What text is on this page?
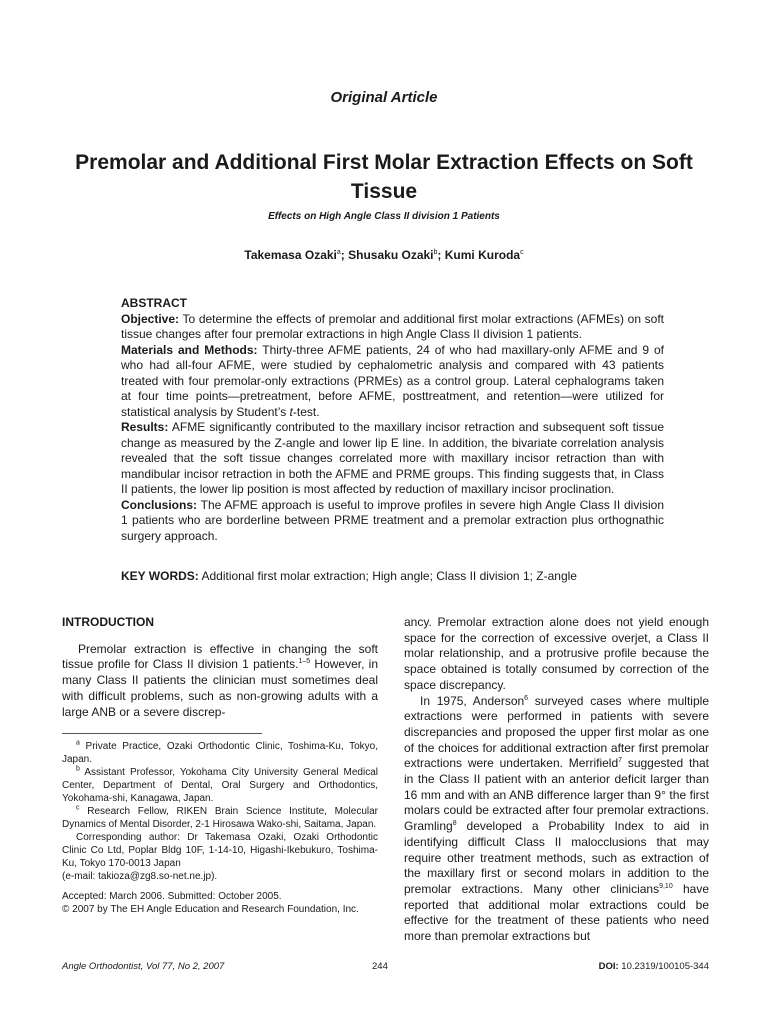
Original Article
Premolar and Additional First Molar Extraction Effects on Soft Tissue
Effects on High Angle Class II division 1 Patients
Takemasa Ozaki$^a$; Shusaku Ozaki$^b$; Kumi Kuroda$^c$

ABSTRACT

Objective: To determine the effects of premolar and additional first molar extractions (AFMEs) on soft tissue changes after four premolar extractions in high Angle Class II division 1 patients.

Materials and Methods: Thirty-three AFME patients, 24 of who had maxillary-only AFME and 9 of who had all-four AFME, were studied by cephalometric analysis and compared with 43 patients treated with four premolar-only extractions (PRMEs) as a control group. Lateral cephalograms taken at four time points—pretreatment, before AFME, posttreatment, and retention—were utilized for statistical analysis by Student’s t-test.

Results: AFME significantly contributed to the maxillary incisor retraction and subsequent soft tissue change as measured by the Z-angle and lower lip E line. In addition, the bivariate correlation analysis revealed that the soft tissue changes correlated more with maxillary incisor retraction than with mandibular incisor retraction in both the AFME and PRME groups. This finding suggests that, in Class II patients, the lower lip position is most affected by reduction of maxillary incisor proclination.

Conclusions: The AFME approach is useful to improve profiles in severe high Angle Class II division 1 patients who are borderline between PRME treatment and a premolar extraction plus orthognathic surgery approach.

KEY WORDS: Additional first molar extraction; High angle; Class II division 1; Z-angle

INTRODUCTION

Premolar extraction is effective in changing the soft tissue profile for Class II division 1 patients.$^{1-5}$ However, in many Class II patients the clinician must sometimes deal with difficult problems, such as non-growing adults with a large ANB or a severe discrep-

$^a$ Private Practice, Ozaki Orthodontic Clinic, Toshima-Ku, Tokyo, Japan.

$^b$ Assistant Professor, Yokohama City University General Medical Center, Department of Dental, Oral Surgery and Orthodontics, Yokohama-shi, Kanagawa, Japan.

$^c$ Research Fellow, RIKEN Brain Science Institute, Molecular Dynamics of Mental Disorder, 2-1 Hirosawa Wako-shi, Saitama, Japan.

Corresponding author: Dr Takemasa Ozaki, Ozaki Orthodontic Clinic Co Ltd, Poplar Bldg 10F, 1-14-10, Higashi-Ikebukuro, Toshima-Ku, Tokyo 170-0013 Japan

(e-mail: takioza@zg8.so-net.ne.jp).

Accepted: March 2006. Submitted: October 2005.

© 2007 by The EH Angle Education and Research Foundation, Inc.

ancy. Premolar extraction alone does not yield enough space for the correction of excessive overjet, a Class II molar relationship, and a protrusive profile because the space obtained is totally consumed by correction of the space discrepancy.

In 1975, Anderson$^6$ surveyed cases where multiple extractions were performed in patients with severe discrepancies and proposed the upper first molar as one of the choices for additional extraction after first premolar extractions were undertaken. Merrifield$^7$ suggested that in the Class II patient with an anterior deficit larger than 16 mm and with an ANB difference larger than 9° the first molars could be extracted after four premolar extractions. Gramling$^8$ developed a Probability Index to aid in identifying difficult Class II malocclusions that may require other treatment methods, such as extraction of the maxillary first or second molars in addition to the premolar extractions. Many other clinicians$^{9,10}$ have reported that additional molar extractions could be effective for the treatment of these patients who need more than premolar extractions but

Angle Orthodontist, Vol 77, No 2, 2007	244	DOI: 10.2319/100105-344
